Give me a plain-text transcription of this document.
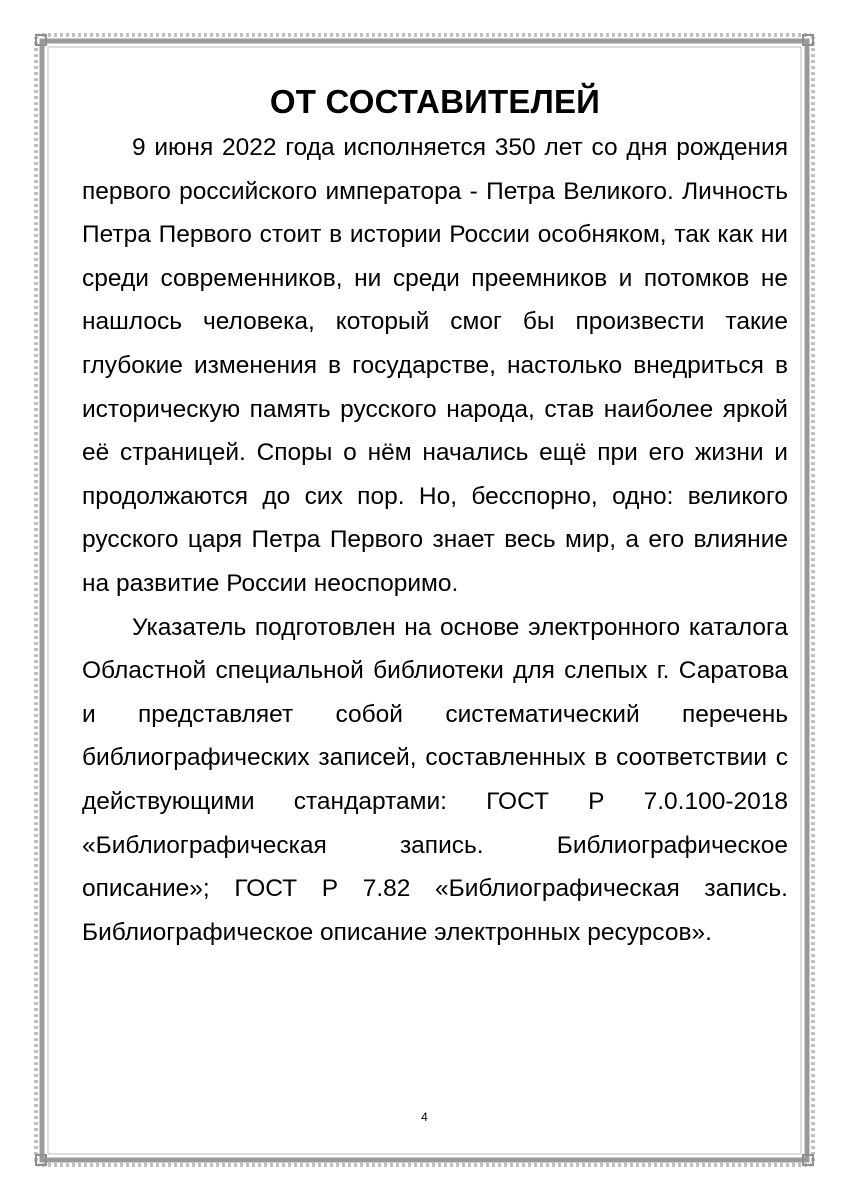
ОТ СОСТАВИТЕЛЕЙ

9 июня 2022 года исполняется 350 лет со дня рождения первого российского императора - Петра Великого. Личность Петра Первого стоит в истории России особняком, так как ни среди современников, ни среди преемников и потомков не нашлось человека, который смог бы произвести такие глубокие изменения в государстве, настолько внедриться в историческую память русского народа, став наиболее яркой её страницей. Споры о нём начались ещё при его жизни и продолжаются до сих пор. Но, бесспорно, одно: великого русского царя Петра Первого знает весь мир, а его влияние на развитие России неоспоримо.

Указатель подготовлен на основе электронного каталога Областной специальной библиотеки для слепых г. Саратова и представляет собой систематический перечень библиографических записей, составленных в соответствии с действующими стандартами: ГОСТ Р 7.0.100-2018 «Библиографическая запись. Библиографическое описание»; ГОСТ Р 7.82 «Библиографическая запись. Библиографическое описание электронных ресурсов».

4
